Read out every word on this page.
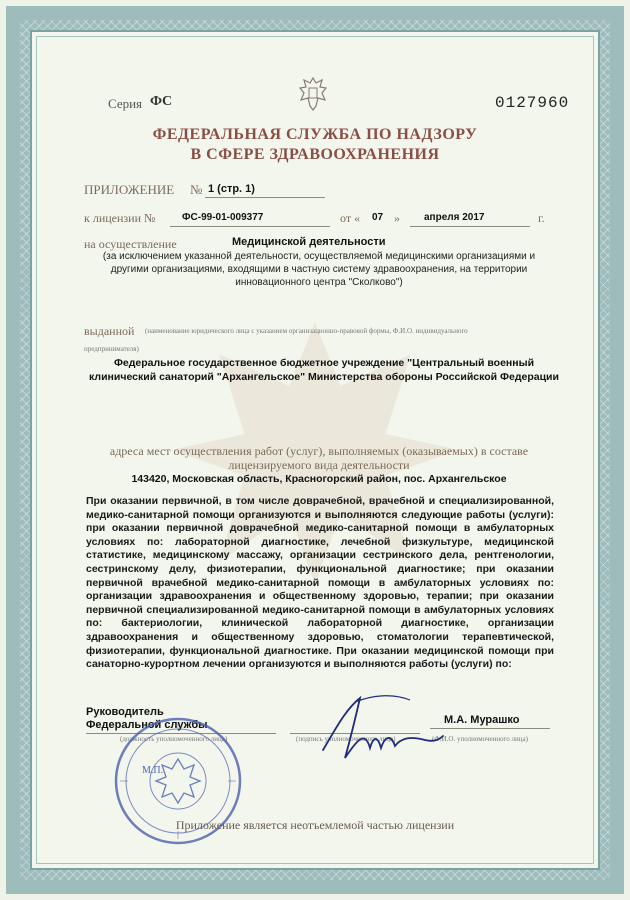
Серия ФС	0127960
ФЕДЕРАЛЬНАЯ СЛУЖБА ПО НАДЗОРУ
В СФЕРЕ ЗДРАВООХРАНЕНИЯ
ПРИЛОЖЕНИЕ № 1 (стр. 1)
к лицензии №	ФС-99-01-009377	от « 07 » апреля 2017	г.
на осуществление	Медицинской деятельности
(за исключением указанной деятельности, осуществляемой медицинскими организациями и другими организациями, входящими в частную систему здравоохранения, на территории инновационного центра "Сколково")
выданной (наименование юридического лица с указанием организационно-правовой формы, Ф.И.О. индивидуального
предпринимателя)
Федеральное государственное бюджетное учреждение "Центральный военный клинический санаторий "Архангельское" Министерства обороны Российской Федерации
адреса мест осуществления работ (услуг), выполняемых (оказываемых) в составе лицензируемого вида деятельности
143420, Московская область, Красногорский район, пос. Архангельское
При оказании первичной, в том числе доврачебной, врачебной и специализированной, медико-санитарной помощи организуются и выполняются следующие работы (услуги): при оказании первичной доврачебной медико-санитарной помощи в амбулаторных условиях по: лабораторной диагностике, лечебной физкультуре, медицинской статистике, медицинскому массажу, организации сестринского дела, рентгенологии, сестринскому делу, физиотерапии, функциональной диагностике; при оказании первичной врачебной медико-санитарной помощи в амбулаторных условиях по: организации здравоохранения и общественному здоровью, терапии; при оказании первичной специализированной медико-санитарной помощи в амбулаторных условиях по: бактериологии, клинической лабораторной диагностике, организации здравоохранения и общественному здоровью, стоматологии терапевтической, физиотерапии, функциональной диагностике. При оказании медицинской помощи при санаторно-курортном лечении организуются и выполняются работы (услуги) по:
Руководитель
Федеральной службы
(должность уполномоченного лица)	(подпись уполномоченного лица)
М.А. Мурашко
(Ф.И.О. уполномоченного лица)
М.П.
Приложение является неотъемлемой частью лицензии
